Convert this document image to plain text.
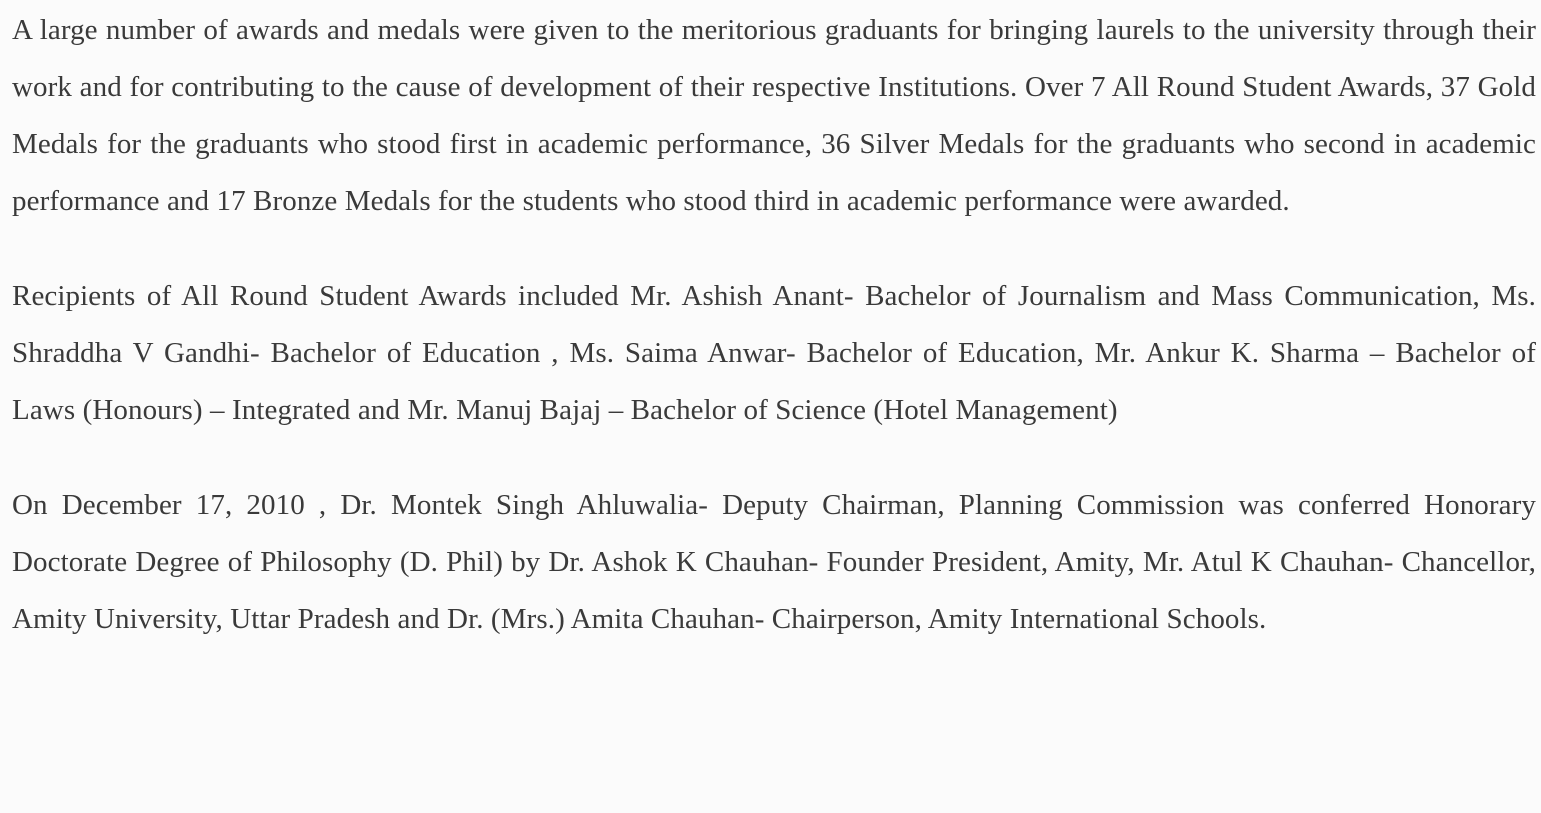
A large number of awards and medals were given to the meritorious graduants for bringing laurels to the university through their work and for contributing to the cause of development of their respective Institutions. Over 7 All Round Student Awards, 37 Gold Medals for the graduants who stood first in academic performance, 36 Silver Medals for the graduants who second in academic performance and 17 Bronze Medals for the students who stood third in academic performance were awarded.

Recipients of All Round Student Awards included Mr. Ashish Anant- Bachelor of Journalism and Mass Communication, Ms. Shraddha V Gandhi- Bachelor of Education , Ms. Saima Anwar- Bachelor of Education, Mr. Ankur K. Sharma – Bachelor of Laws (Honours) – Integrated and Mr. Manuj Bajaj – Bachelor of Science (Hotel Management)

On December 17, 2010 , Dr. Montek Singh Ahluwalia- Deputy Chairman, Planning Commission was conferred Honorary Doctorate Degree of Philosophy (D. Phil) by Dr. Ashok K Chauhan- Founder President, Amity, Mr. Atul K Chauhan- Chancellor, Amity University, Uttar Pradesh and Dr. (Mrs.) Amita Chauhan- Chairperson, Amity International Schools.
